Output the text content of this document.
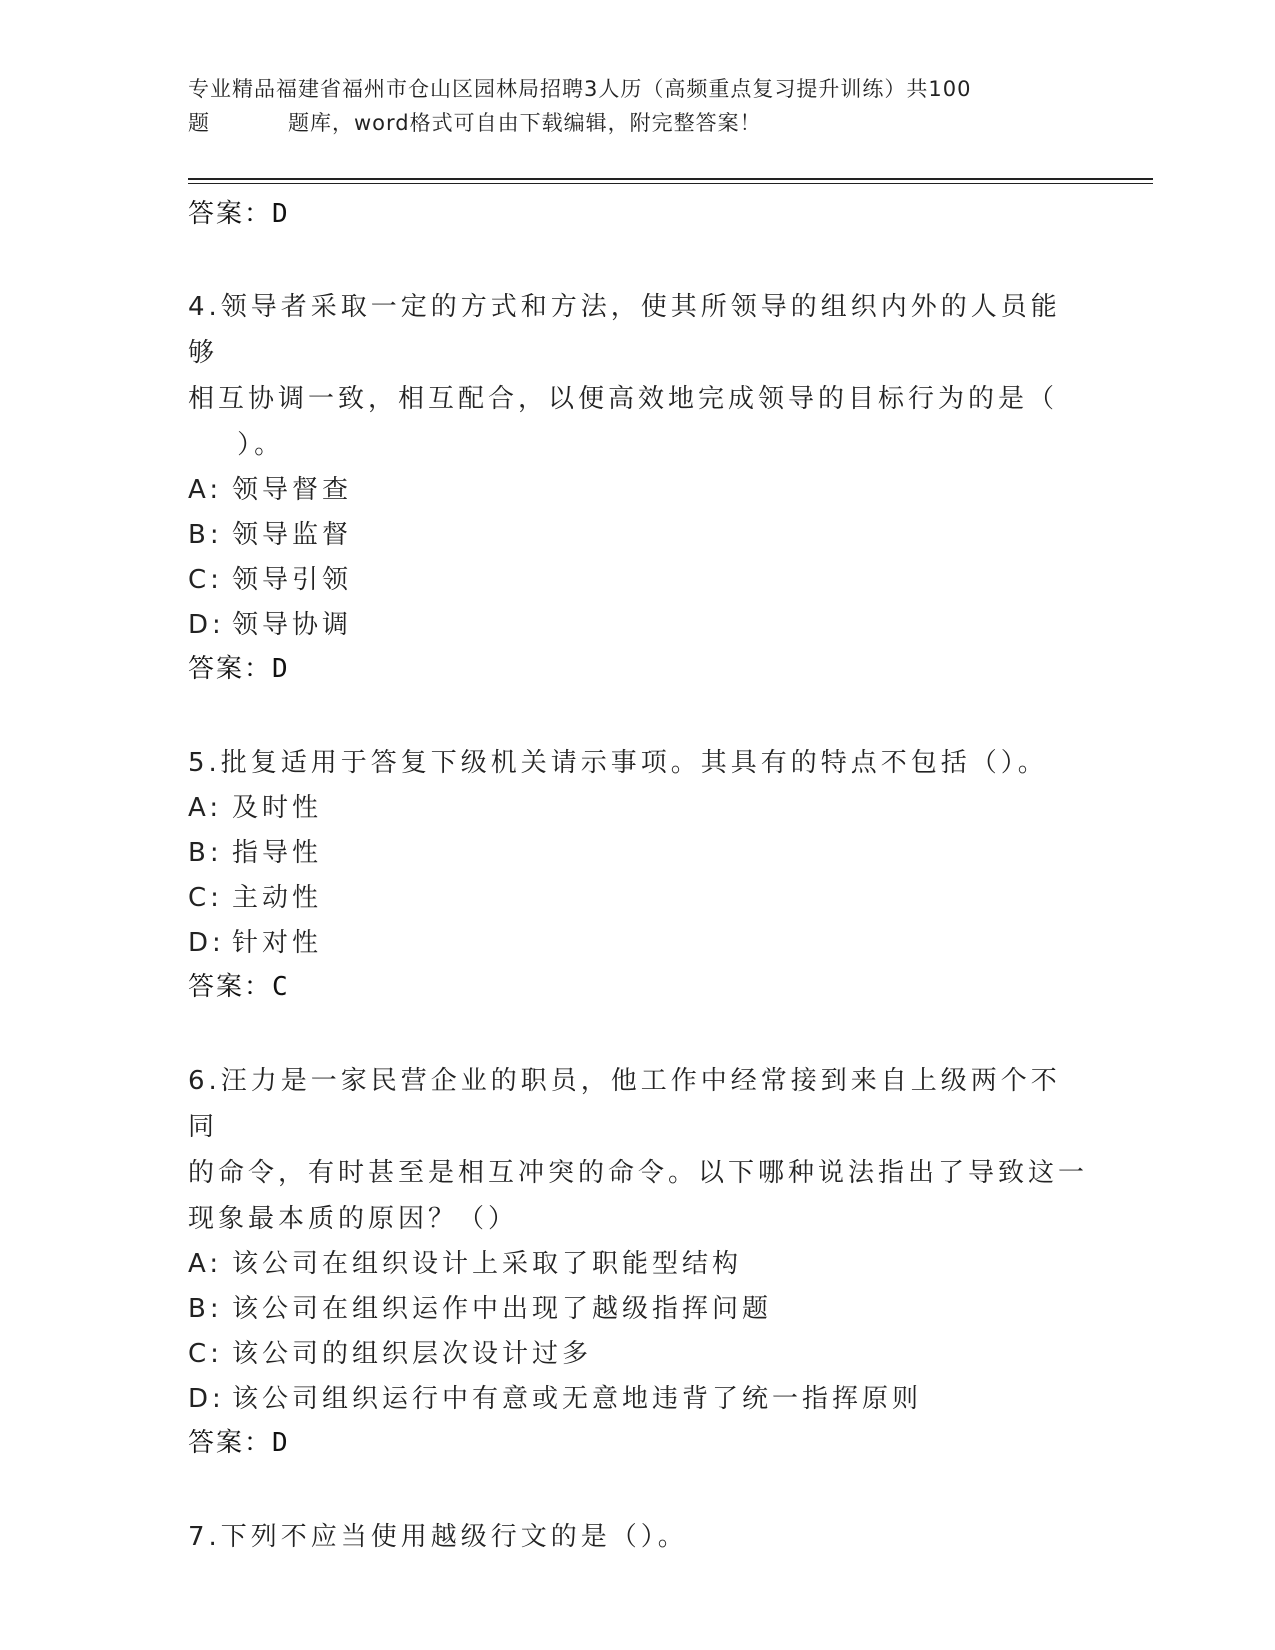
专业精品福建省福州市仓山区园林局招聘3人历（高频重点复习提升训练）共100
题	题库，word格式可自由下载编辑，附完整答案！

答案：D

4.领导者采取一定的方式和方法，使其所领导的组织内外的人员能够
相互协调一致，相互配合，以便高效地完成领导的目标行为的是（
）。

A: 领导督查
B: 领导监督
C: 领导引领
D: 领导协调

答案：D

5.批复适用于答复下级机关请示事项。其具有的特点不包括（）。

A: 及时性
B: 指导性
C: 主动性
D: 针对性

答案：C

6.汪力是一家民营企业的职员，他工作中经常接到来自上级两个不同
的命令，有时甚至是相互冲突的命令。以下哪种说法指出了导致这一
现象最本质的原因？（）

A: 该公司在组织设计上采取了职能型结构
B: 该公司在组织运作中出现了越级指挥问题
C: 该公司的组织层次设计过多
D: 该公司组织运行中有意或无意地违背了统一指挥原则

答案：D

7.下列不应当使用越级行文的是（）。
